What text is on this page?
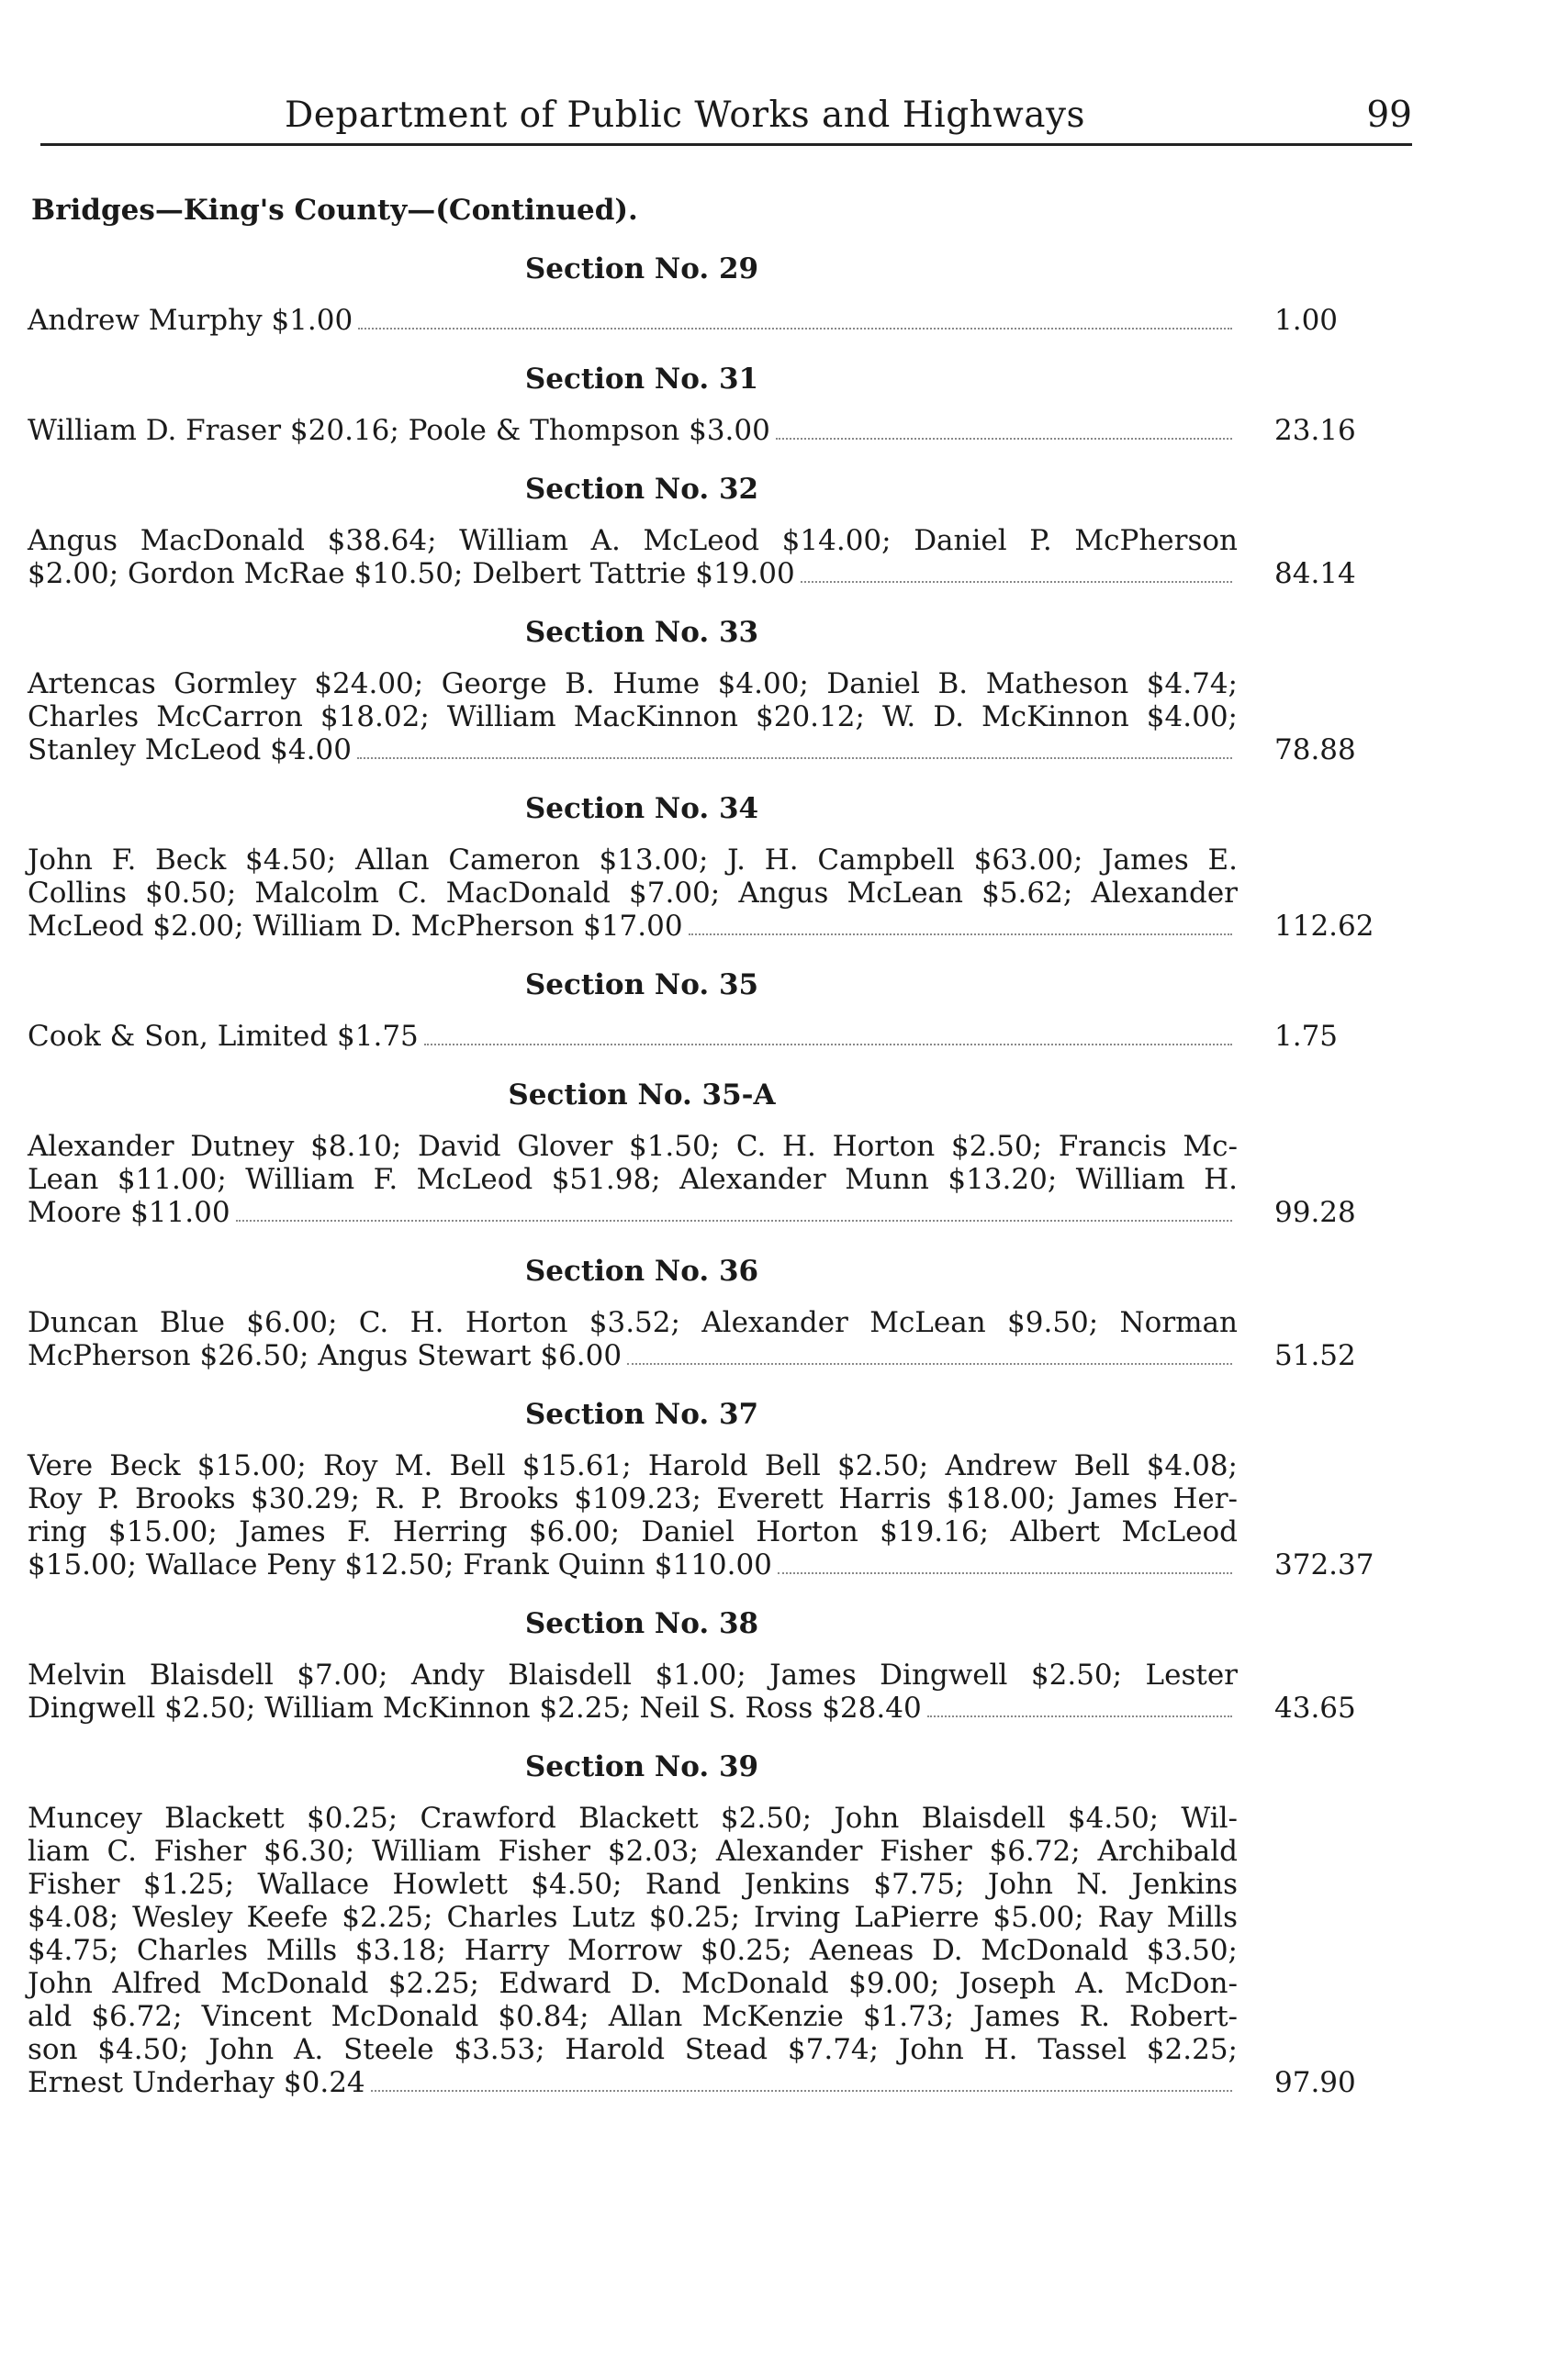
Department of Public Works and Highways	99
Bridges—King's County—(Continued).
Section No. 29
Andrew Murphy $1.00	1.00
Section No. 31
William D. Fraser $20.16; Poole & Thompson $3.00	23.16
Section No. 32
Angus MacDonald $38.64; William A. McLeod $14.00; Daniel P. McPherson
$2.00; Gordon McRae $10.50; Delbert Tattrie $19.00	84.14
Section No. 33
Artencas Gormley $24.00; George B. Hume $4.00; Daniel B. Matheson $4.74;
Charles McCarron $18.02; William MacKinnon $20.12; W. D. McKinnon $4.00;
Stanley McLeod $4.00	78.88
Section No. 34
John F. Beck $4.50; Allan Cameron $13.00; J. H. Campbell $63.00; James E.
Collins $0.50; Malcolm C. MacDonald $7.00; Angus McLean $5.62; Alexander
McLeod $2.00; William D. McPherson $17.00	112.62
Section No. 35
Cook & Son, Limited $1.75	1.75
Section No. 35-A
Alexander Dutney $8.10; David Glover $1.50; C. H. Horton $2.50; Francis Mc-
Lean $11.00; William F. McLeod $51.98; Alexander Munn $13.20; William H.
Moore $11.00	99.28
Section No. 36
Duncan Blue $6.00; C. H. Horton $3.52; Alexander McLean $9.50; Norman
McPherson $26.50; Angus Stewart $6.00	51.52
Section No. 37
Vere Beck $15.00; Roy M. Bell $15.61; Harold Bell $2.50; Andrew Bell $4.08;
Roy P. Brooks $30.29; R. P. Brooks $109.23; Everett Harris $18.00; James Her-
ring $15.00; James F. Herring $6.00; Daniel Horton $19.16; Albert McLeod
$15.00; Wallace Peny $12.50; Frank Quinn $110.00	372.37
Section No. 38
Melvin Blaisdell $7.00; Andy Blaisdell $1.00; James Dingwell $2.50; Lester
Dingwell $2.50; William McKinnon $2.25; Neil S. Ross $28.40	43.65
Section No. 39
Muncey Blackett $0.25; Crawford Blackett $2.50; John Blaisdell $4.50; Wil-
liam C. Fisher $6.30; William Fisher $2.03; Alexander Fisher $6.72; Archibald
Fisher $1.25; Wallace Howlett $4.50; Rand Jenkins $7.75; John N. Jenkins
$4.08; Wesley Keefe $2.25; Charles Lutz $0.25; Irving LaPierre $5.00; Ray Mills
$4.75; Charles Mills $3.18; Harry Morrow $0.25; Aeneas D. McDonald $3.50;
John Alfred McDonald $2.25; Edward D. McDonald $9.00; Joseph A. McDon-
ald $6.72; Vincent McDonald $0.84; Allan McKenzie $1.73; James R. Robert-
son $4.50; John A. Steele $3.53; Harold Stead $7.74; John H. Tassel $2.25;
Ernest Underhay $0.24	97.90
